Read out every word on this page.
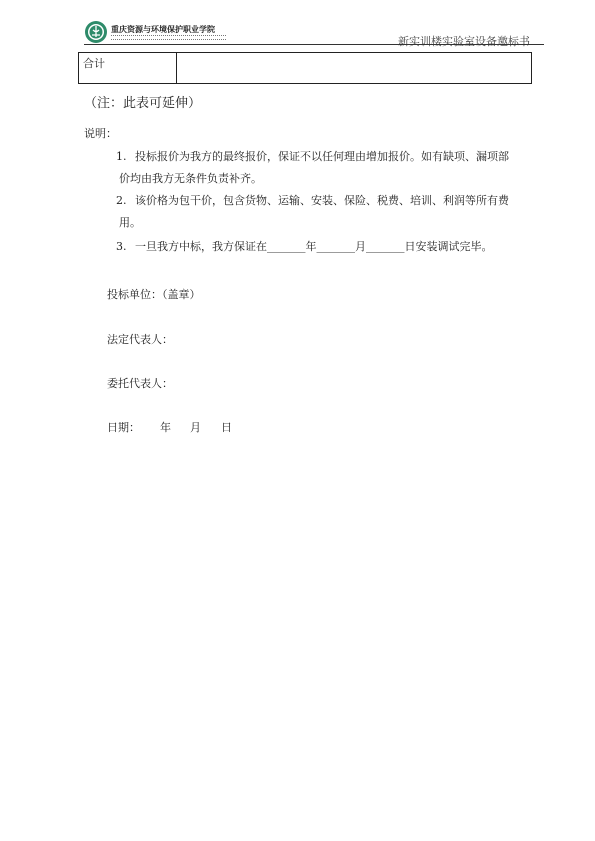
重庆资源与环境保护职业学院
新实训楼实验室设备邀标书
合计	
（注：此表可延伸）
说明：
1. 投标报价为我方的最终报价，保证不以任何理由增加报价。如有缺项、漏项部
价均由我方无条件负责补齐。
2. 该价格为包干价，包含货物、运输、安装、保险、税费、培训、利润等所有费
用。
3. 一旦我方中标，我方保证在_______年_______月_______日安装调试完毕。
投标单位：（盖章）
法定代表人：
委托代表人：
日期： 年 月 日
